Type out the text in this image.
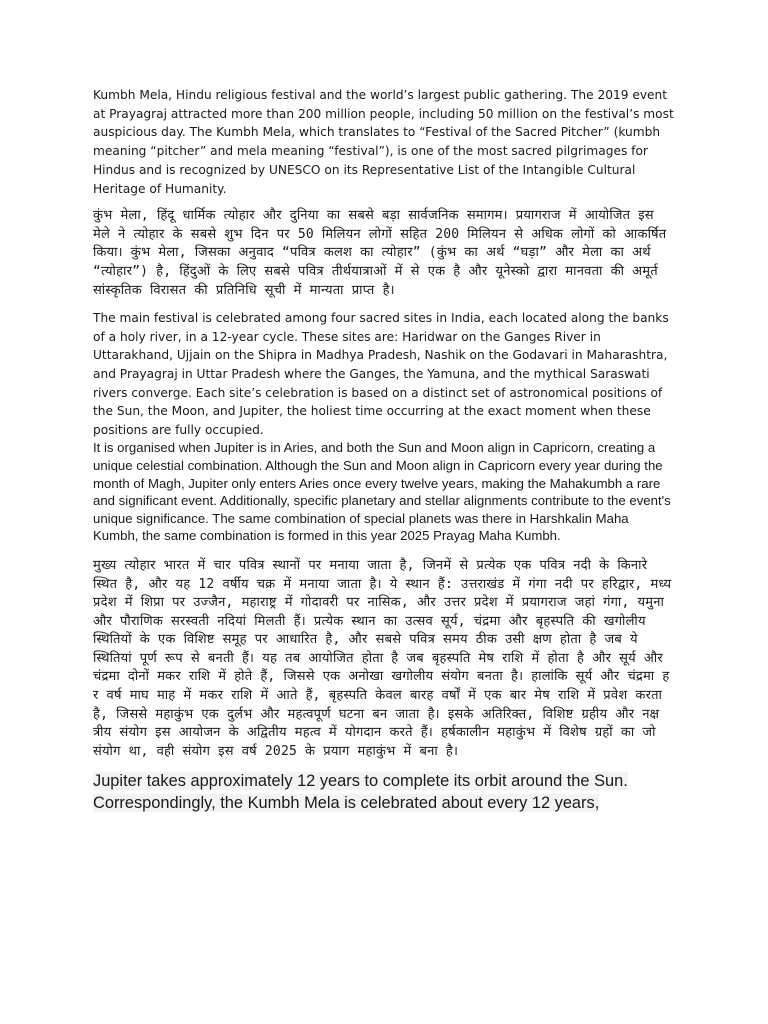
Kumbh Mela, Hindu religious festival and the world’s largest public gathering. The 2019 event at Prayagraj attracted more than 200 million people, including 50 million on the festival’s most auspicious day. The Kumbh Mela, which translates to “Festival of the Sacred Pitcher” (kumbh meaning “pitcher” and mela meaning “festival”), is one of the most sacred pilgrimages for Hindus and is recognized by UNESCO on its Representative List of the Intangible Cultural Heritage of Humanity.

कुंभ मेला, हिंदू धार्मिक त्योहार और दुनिया का सबसे बड़ा सार्वजनिक समागम। प्रयागराज में आयोजित इस मेले ने त्योहार के सबसे शुभ दिन पर 50 मिलियन लोगों सहित 200 मिलियन से अधिक लोगों को आकर्षित किया। कुंभ मेला, जिसका अनुवाद “पवित्र कलश का त्योहार” (कुंभ का अर्थ “घड़ा” और मेला का अर्थ “त्योहार”) है, हिंदुओं के लिए सबसे पवित्र तीर्थयात्राओं में से एक है और यूनेस्को द्वारा मानवता की अमूर्त सांस्कृतिक विरासत की प्रतिनिधि सूची में मान्यता प्राप्त है।

The main festival is celebrated among four sacred sites in India, each located along the banks of a holy river, in a 12-year cycle. These sites are: Haridwar on the Ganges River in Uttarakhand, Ujjain on the Shipra in Madhya Pradesh, Nashik on the Godavari in Maharashtra, and Prayagraj in Uttar Pradesh where the Ganges, the Yamuna, and the mythical Saraswati rivers converge. Each site’s celebration is based on a distinct set of astronomical positions of the Sun, the Moon, and Jupiter, the holiest time occurring at the exact moment when these positions are fully occupied.

It is organised when Jupiter is in Aries, and both the Sun and Moon align in Capricorn, creating a unique celestial combination. Although the Sun and Moon align in Capricorn every year during the month of Magh, Jupiter only enters Aries once every twelve years, making the Mahakumbh a rare and significant event. Additionally, specific planetary and stellar alignments contribute to the event's unique significance. The same combination of special planets was there in Harshkalin Maha Kumbh, the same combination is formed in this year 2025 Prayag Maha Kumbh.

मुख्य त्योहार भारत में चार पवित्र स्थानों पर मनाया जाता है, जिनमें से प्रत्येक एक पवित्र नदी के किनारे स्थित है, और यह 12 वर्षीय चक्र में मनाया जाता है। ये स्थान हैं: उत्तराखंड में गंगा नदी पर हरिद्वार, मध्य प्रदेश में शिप्रा पर उज्जैन, महाराष्ट्र में गोदावरी पर नासिक, और उत्तर प्रदेश में प्रयागराज जहां गंगा, यमुना और पौराणिक सरस्वती नदियां मिलती हैं। प्रत्येक स्थान का उत्सव सूर्य, चंद्रमा और बृहस्पति की खगोलीय स्थितियों के एक विशिष्ट समूह पर आधारित है, और सबसे पवित्र समय ठीक उसी क्षण होता है जब ये स्थितियां पूर्ण रूप से बनती हैं। यह तब आयोजित होता है जब बृहस्पति मेष राशि में होता है और सूर्य और चंद्रमा दोनों मकर राशि में होते हैं, जिससे एक अनोखा खगोलीय संयोग बनता है। हालांकि सूर्य और चंद्रमा हर वर्ष माघ माह में मकर राशि में आते हैं, बृहस्पति केवल बारह वर्षों में एक बार मेष राशि में प्रवेश करता है, जिससे महाकुंभ एक दुर्लभ और महत्वपूर्ण घटना बन जाता है। इसके अतिरिक्त, विशिष्ट ग्रहीय और नक्षत्रीय संयोग इस आयोजन के अद्वितीय महत्व में योगदान करते हैं। हर्षकालीन महाकुंभ में विशेष ग्रहों का जो संयोग था, वही संयोग इस वर्ष 2025 के प्रयाग महाकुंभ में बना है।

Jupiter takes approximately 12 years to complete its orbit around the Sun. Correspondingly, the Kumbh Mela is celebrated about every 12 years,
